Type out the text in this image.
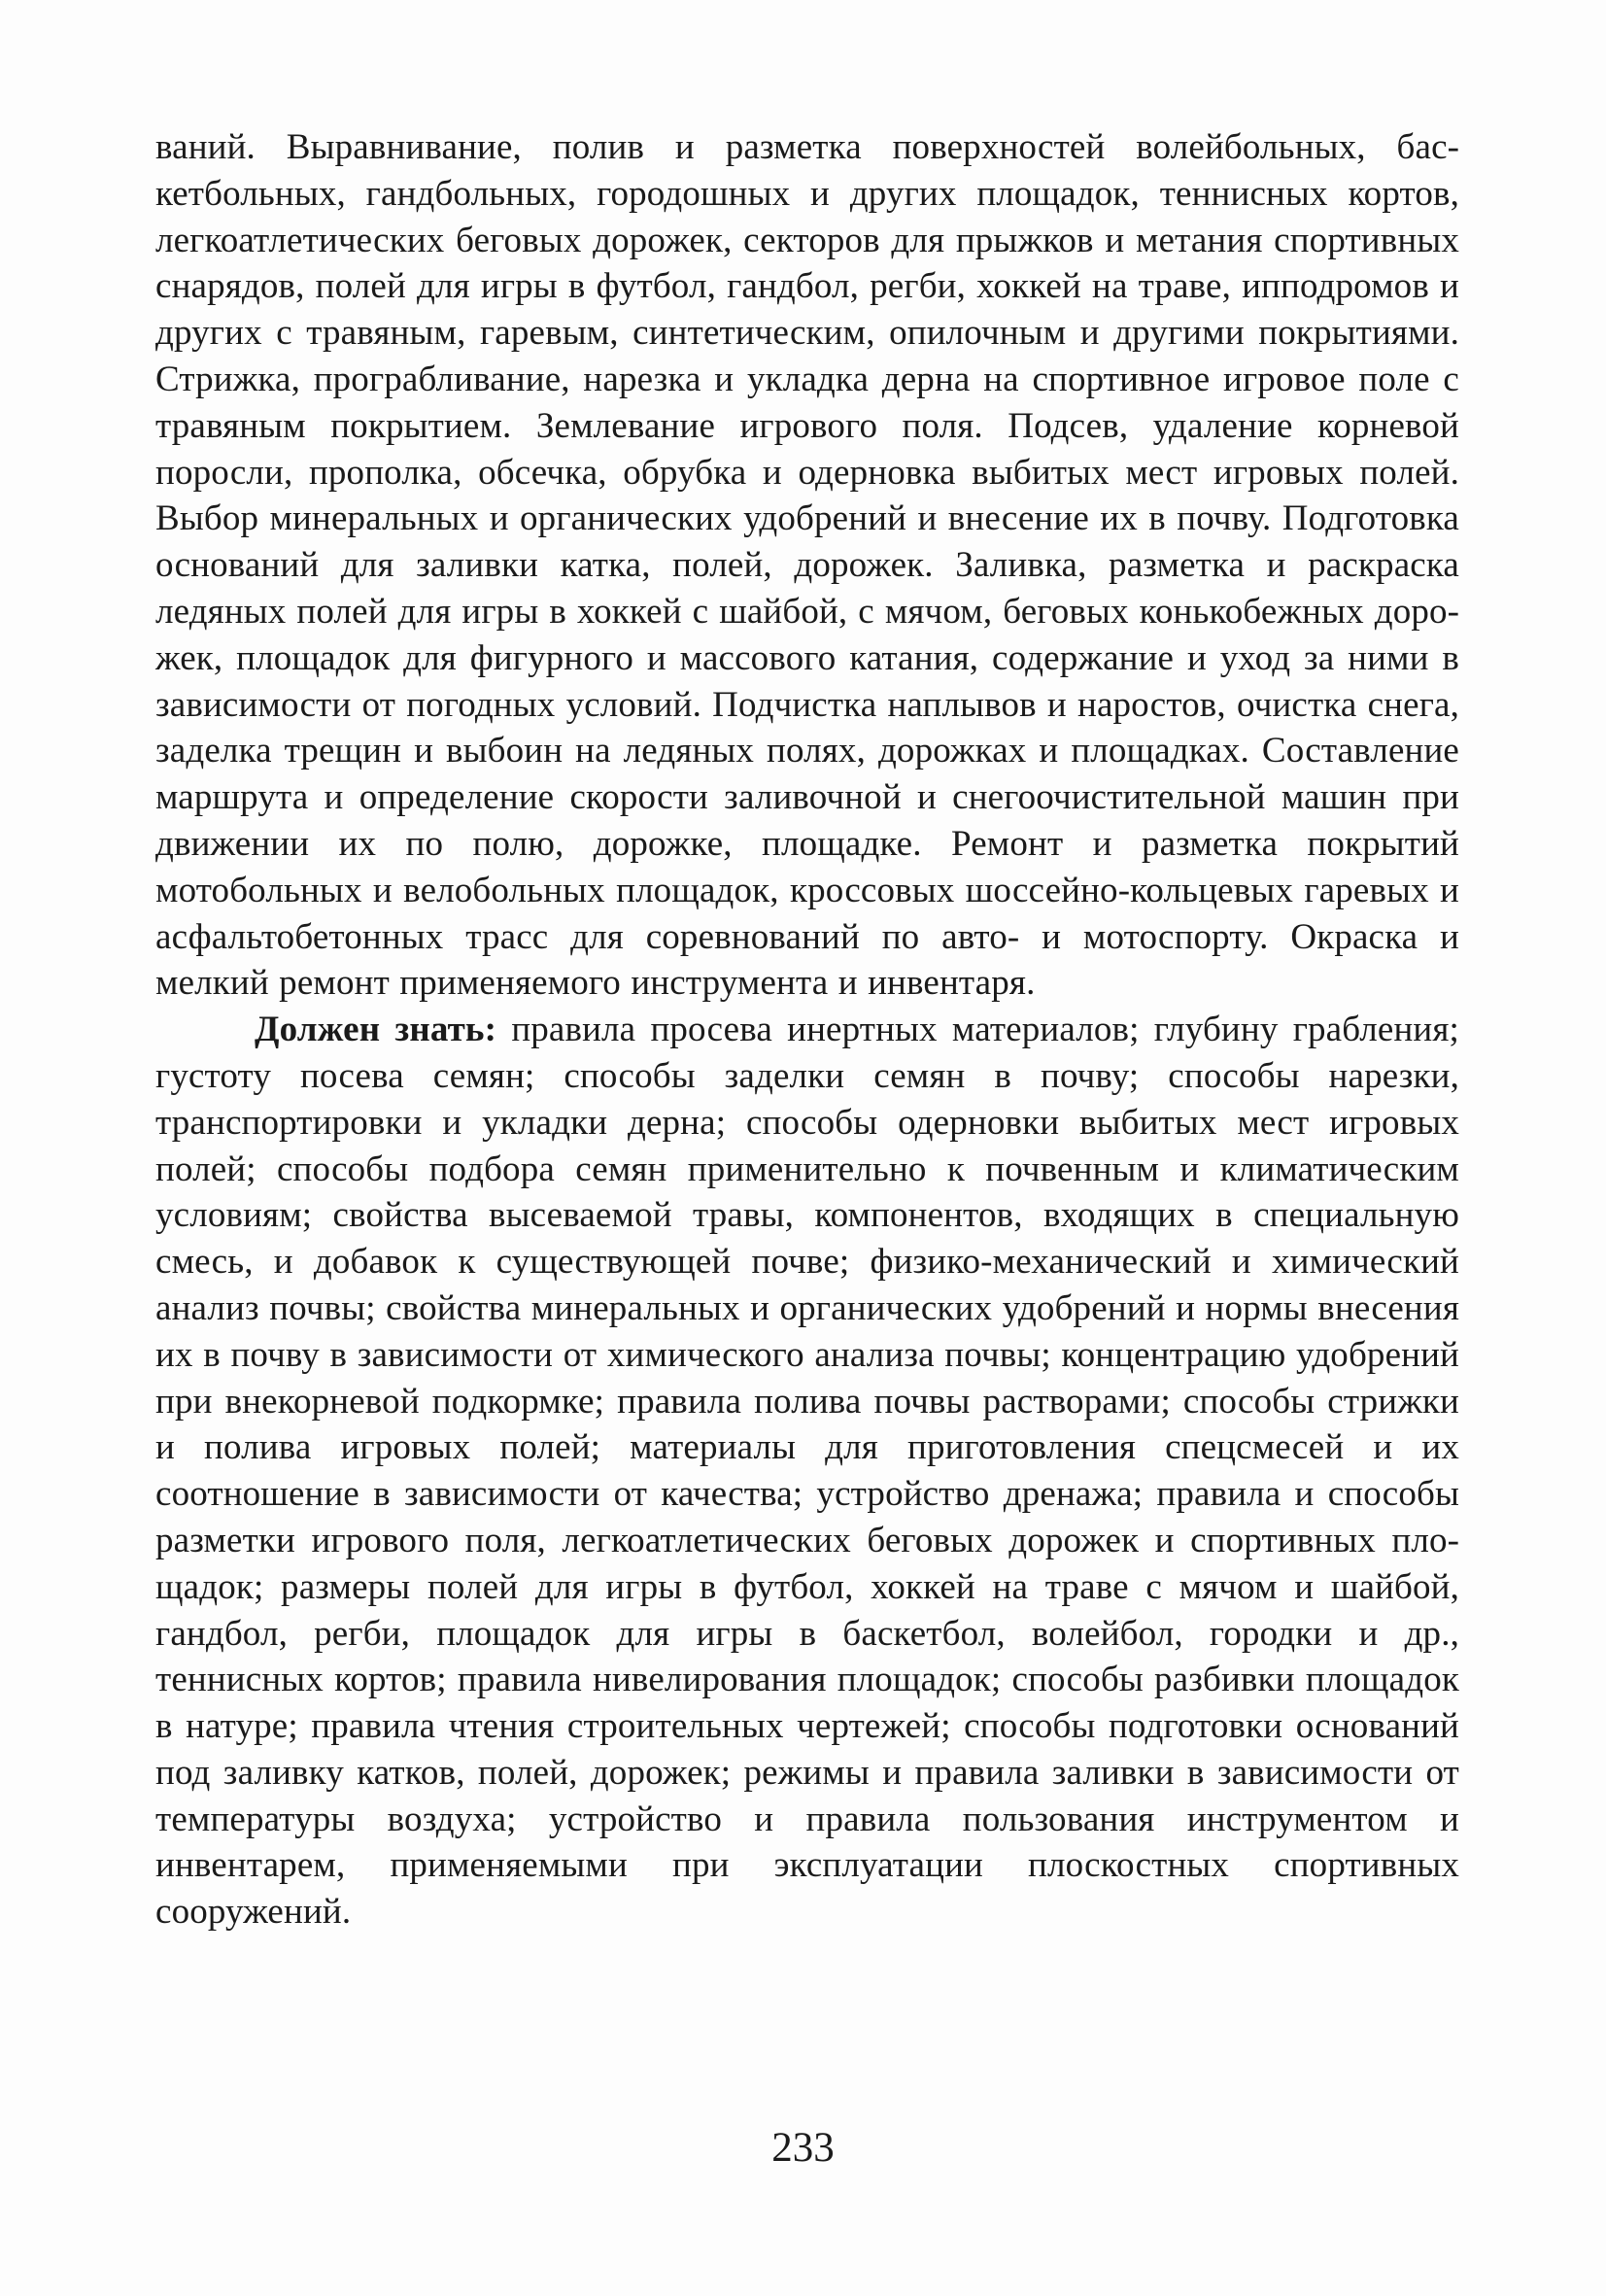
ваний. Выравнивание, полив и разметка поверхностей волейбольных, баскетбольных, гандбольных, городошных и других площадок, теннисных кортов, легкоатлетических беговых дорожек, секторов для прыжков и метания спортивных снарядов, полей для игры в футбол, гандбол, регби, хоккей на траве, ипподромов и других с травяным, гаревым, синтетическим, опилочным и другими покрытиями. Стрижка, програбливание, нарезка и укладка дерна на спортивное игровое поле с травяным покрытием. Землевание игрового поля. Подсев, удаление корневой поросли, прополка, обсечка, обрубка и одерновка выбитых мест игровых полей. Выбор минеральных и органических удобрений и внесение их в почву. Подготовка оснований для заливки катка, полей, дорожек. Заливка, разметка и раскраска ледяных полей для игры в хоккей с шайбой, с мячом, беговых конькобежных дорожек, площадок для фигурного и массового катания, содержание и уход за ними в зависимости от погодных условий. Подчистка наплывов и наростов, очистка снега, заделка трещин и выбоин на ледяных полях, дорожках и площадках. Составление маршрута и определение скорости заливочной и снегоочистительной машин при движении их по полю, дорожке, площадке. Ремонт и разметка покрытий мотобольных и велобольных площадок, кроссовых шоссейно-кольцевых гаревых и асфальтобетонных трасс для соревнований по авто- и мотоспорту. Окраска и мелкий ремонт применяемого инструмента и инвентаря.

Должен знать: правила просева инертных материалов; глубину грабления; густоту посева семян; способы заделки семян в почву; способы нарезки, транспортировки и укладки дерна; способы одерновки выбитых мест игровых полей; способы подбора семян применительно к почвенным и климатическим условиям; свойства высеваемой травы, компонентов, входящих в специальную смесь, и добавок к существующей почве; физико-механический и химический анализ почвы; свойства минеральных и органических удобрений и нормы внесения их в почву в зависимости от химического анализа почвы; концентрацию удобрений при внекорневой подкормке; правила полива почвы растворами; способы стрижки и полива игровых полей; материалы для приготовления спецсмесей и их соотношение в зависимости от качества; устройство дренажа; правила и способы разметки игрового поля, легкоатлетических беговых дорожек и спортивных площадок; размеры полей для игры в футбол, хоккей на траве с мячом и шайбой, гандбол, регби, площадок для игры в баскетбол, волейбол, городки и др., теннисных кортов; правила нивелирования площадок; способы разбивки площадок в натуре; правила чтения строительных чертежей; способы подготовки оснований под заливку катков, полей, дорожек; режимы и правила заливки в зависимости от температуры воздуха; устройство и правила пользования инструментом и инвентарем, применяемыми при эксплуатации плоскостных спортивных сооружений.

233
